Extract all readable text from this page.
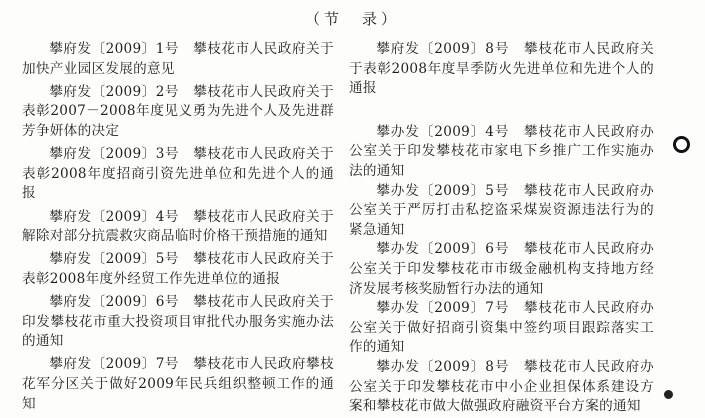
（节　录）

攀府发〔2009〕1号　攀枝花市人民政府关于加快产业园区发展的意见

攀府发〔2009〕2号　攀枝花市人民政府关于表彰2007－2008年度见义勇为先进个人及先进群芳争妍体的决定

攀府发〔2009〕3号　攀枝花市人民政府关于表彰2008年度招商引资先进单位和先进个人的通报

攀府发〔2009〕4号　攀枝花市人民政府关于解除对部分抗震救灾商品临时价格干预措施的通知

攀府发〔2009〕5号　攀枝花市人民政府关于表彰2008年度外经贸工作先进单位的通报

攀府发〔2009〕6号　攀枝花市人民政府关于印发攀枝花市重大投资项目审批代办服务实施办法的通知

攀府发〔2009〕7号　攀枝花市人民政府攀枝花军分区关于做好2009年民兵组织整顿工作的通知

攀府发〔2009〕8号　攀枝花市人民政府关于表彰2008年度旱季防火先进单位和先进个人的通报

攀办发〔2009〕4号　攀枝花市人民政府办公室关于印发攀枝花市家电下乡推广工作实施办法的通知

攀办发〔2009〕5号　攀枝花市人民政府办公室关于严厉打击私挖盗采煤炭资源违法行为的紧急通知

攀办发〔2009〕6号　攀枝花市人民政府办公室关于印发攀枝花市市级金融机构支持地方经济发展考核奖励暂行办法的通知

攀办发〔2009〕7号　攀枝花市人民政府办公室关于做好招商引资集中签约项目跟踪落实工作的通知

攀办发〔2009〕8号　攀枝花市人民政府办公室关于印发攀枝花市中小企业担保体系建设方案和攀枝花市做大做强政府融资平台方案的通知
